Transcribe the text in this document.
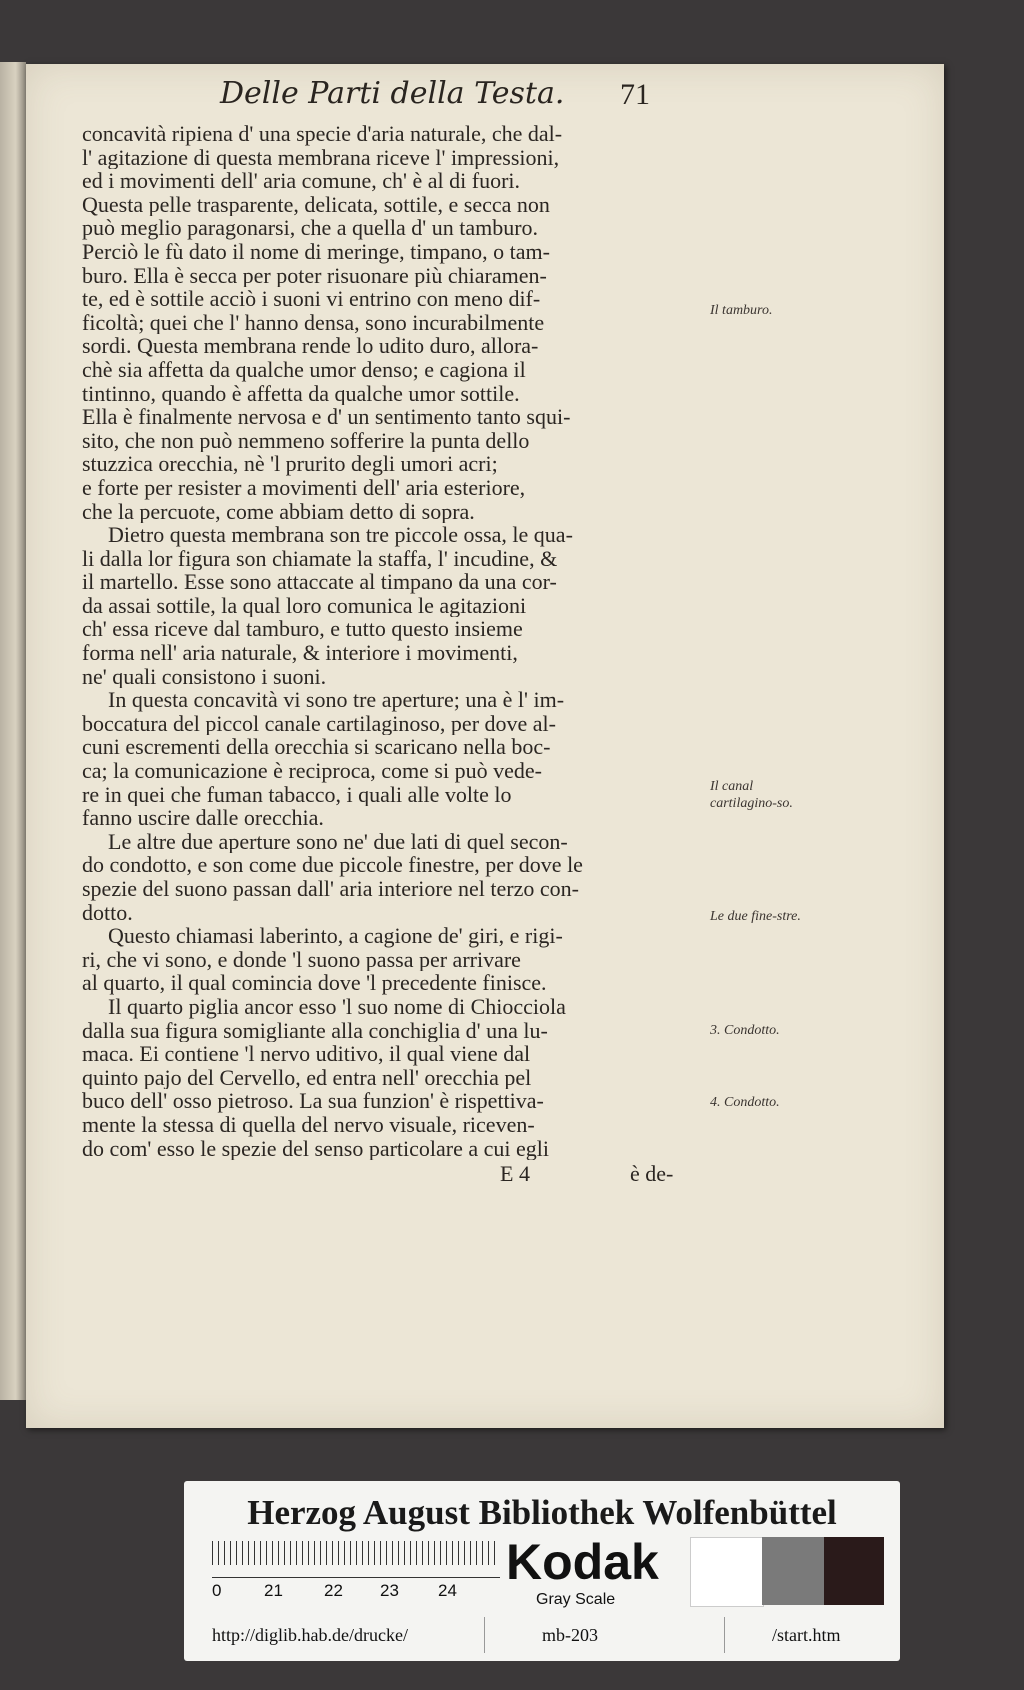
Delle Parti della Testa. 71
concavità ripiena d' una specie d'aria naturale, che dal-
l' agitazione di questa membrana riceve l' impressioni,
ed i movimenti dell' aria comune, ch' è al di fuori.
Questa pelle trasparente, delicata, sottile, e secca non
può meglio paragonarsi, che a quella d' un tamburo.
Perciò le fù dato il nome di meringe, timpano, o tam-
buro. Ella è secca per poter risuonare più chiaramen-
te, ed è sottile acciò i suoni vi entrino con meno dif-
ficoltà; quei che l' hanno densa, sono incurabilmente
sordi. Questa membrana rende lo udito duro, allora-
chè sia affetta da qualche umor denso; e cagiona il
tintinno, quando è affetta da qualche umor sottile.
Ella è finalmente nervosa e d' un sentimento tanto squi-
sito, che non può nemmeno sofferire la punta dello
stuzzica orecchia, nè 'l prurito degli umori acri;
e forte per resister a movimenti dell' aria esteriore,
che la percuote, come abbiam detto di sopra.
Dietro questa membrana son tre piccole ossa, le qua-
li dalla lor figura son chiamate la staffa, l' incudine, &
il martello. Esse sono attaccate al timpano da una cor-
da assai sottile, la qual loro comunica le agitazioni
ch' essa riceve dal tamburo, e tutto questo insieme
forma nell' aria naturale, & interiore i movimenti,
ne' quali consistono i suoni.
In questa concavità vi sono tre aperture; una è l' im-
boccatura del piccol canale cartilaginoso, per dove al-
cuni escrementi della orecchia si scaricano nella boc-
ca; la comunicazione è reciproca, come si può vede-
re in quei che fuman tabacco, i quali alle volte lo
fanno uscire dalle orecchia.
Le altre due aperture sono ne' due lati di quel secon-
do condotto, e son come due piccole finestre, per dove le
spezie del suono passan dall' aria interiore nel terzo con-
dotto.
Questo chiamasi laberinto, a cagione de' giri, e rigi-
ri, che vi sono, e donde 'l suono passa per arrivare
al quarto, il qual comincia dove 'l precedente finisce.
Il quarto piglia ancor esso 'l suo nome di Chiocciola
dalla sua figura somigliante alla conchiglia d' una lu-
maca. Ei contiene 'l nervo uditivo, il qual viene dal
quinto pajo del Cervello, ed entra nell' orecchia pel
buco dell' osso pietroso. La sua funzion' è rispettiva-
mente la stessa di quella del nervo visuale, riceven-
do com' esso le spezie del senso particolare a cui egli
E 4	è de-
Il tamburo.
Il canal cartilagino-so.
Le due fine-stre.
3. Condotto.
4. Condotto.
Herzog August Bibliothek Wolfenbüttel
0	21 22 23 24
Kodak
Gray Scale
http://diglib.hab.de/drucke/	mb-203	/start.htm
